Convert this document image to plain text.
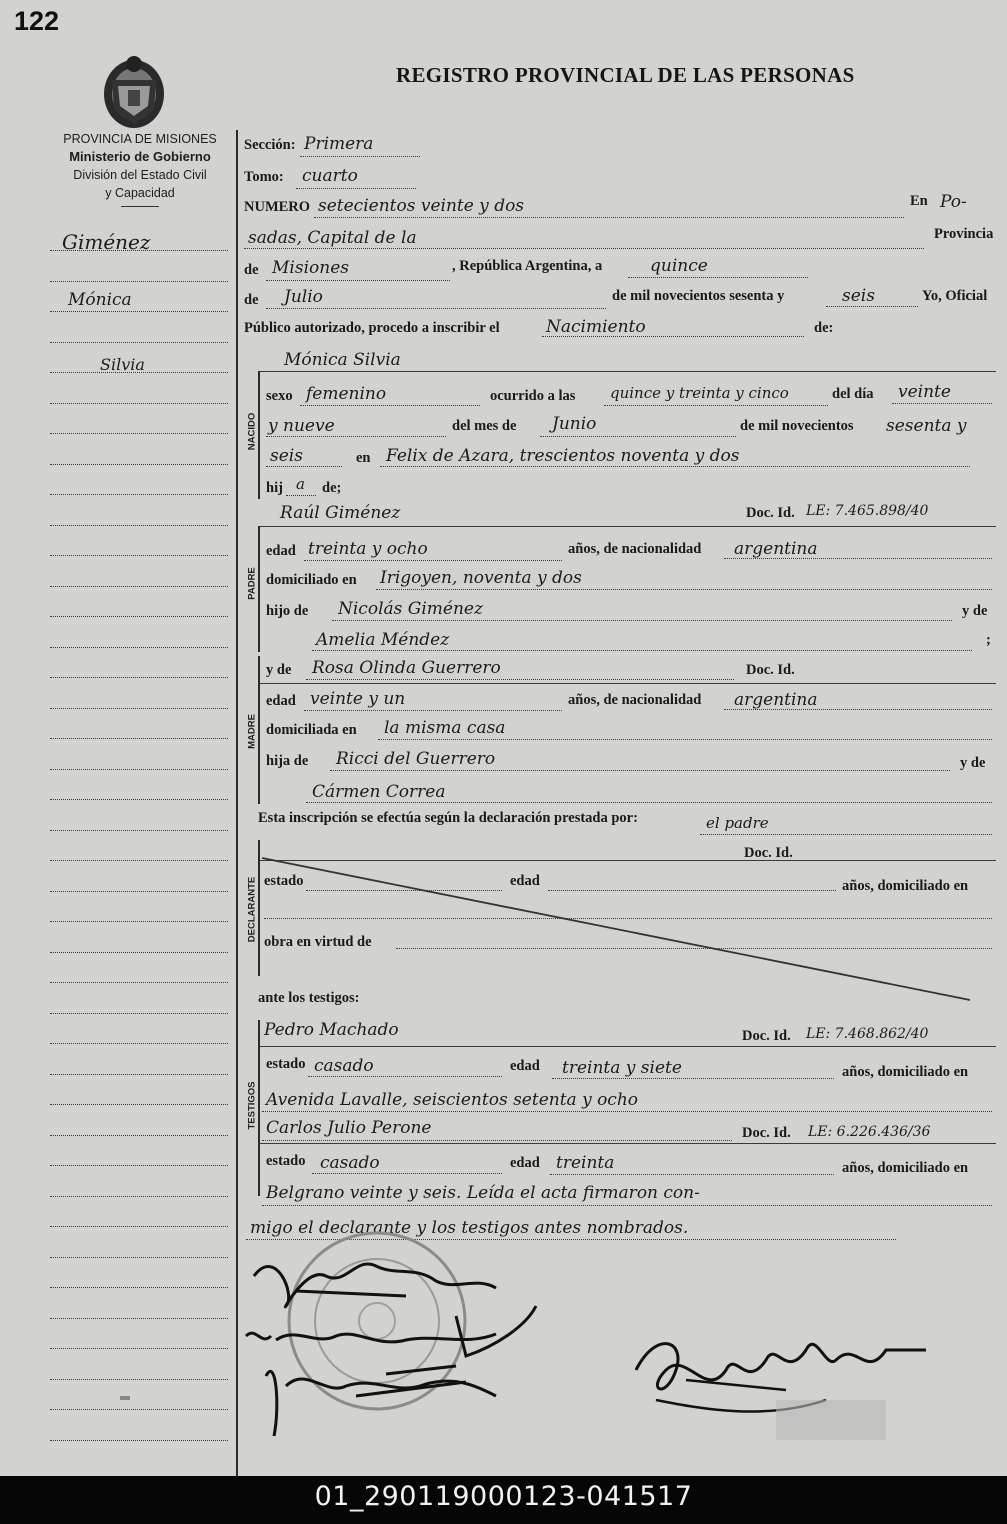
122
REGISTRO PROVINCIAL DE LAS PERSONAS
PROVINCIA DE MISIONES
Ministerio de Gobierno
División del Estado Civil
y Capacidad
Giménez
Mónica
Silvia
Sección: Primera
Tomo: cuarto
NUMERO setecientos veinte y dos	En Po-
sadas, Capital de la	Provincia
de Misiones	, República Argentina, a	quince
de Julio	de mil novecientos sesenta y	seis	Yo, Oficial
Público autorizado, procedo a inscribir el	Nacimiento	de:
Mónica Silvia
NACIDO
sexo femenino	ocurrido a las quince y treinta y cinco	del día veinte
y nueve	del mes de Junio	de mil novecientos sesenta y
seis	en Felix de Azara, trescientos noventa y dos
hij a de;
Raúl Giménez	Doc. Id. LE: 7.465.898/40
PADRE
edad treinta y ocho	años, de nacionalidad argentina
domiciliado en Irigoyen, noventa y dos
hijo de Nicolás Giménez	y de
Amelia Méndez	;
y de Rosa Olinda Guerrero	Doc. Id.
MADRE
edad veinte y un	años, de nacionalidad argentina
domiciliada en la misma casa
hija de Ricci del Guerrero	y de
Cármen Correa
Esta inscripción se efectúa según la declaración prestada por:	el padre
Doc. Id.
DECLARANTE estado	edad	años, domiciliado en
obra en virtud de
ante los testigos:
Pedro Machado	Doc. Id. LE: 7.468.862/40
TESTIGOS
estado casado	edad treinta y siete	años, domiciliado en
Avenida Lavalle, seiscientos setenta y ocho
Carlos Julio Perone	Doc. Id. LE: 6.226.436/36
estado casado	edad treinta	años, domiciliado en
Belgrano veinte y seis. Leída el acta firmaron con-
migo el declarante y los testigos antes nombrados.
01_290119000123-041517
